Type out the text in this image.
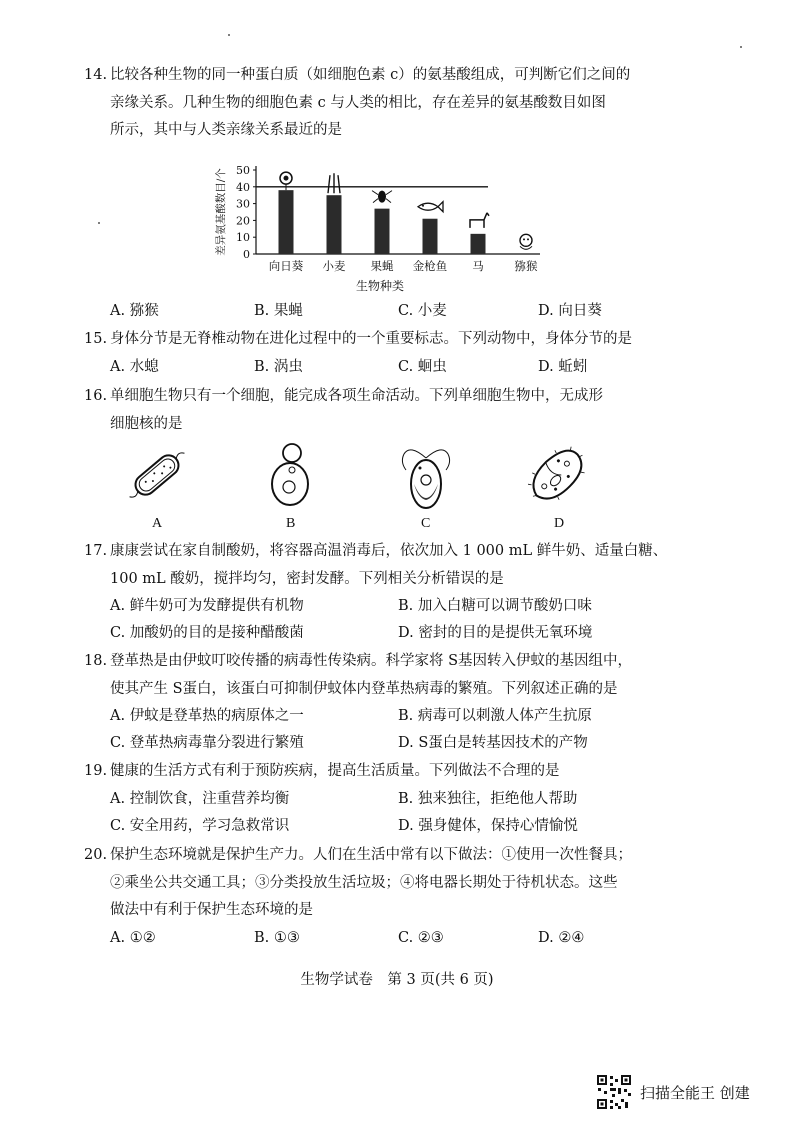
14. 比较各种生物的同一种蛋白质（如细胞色素 c）的氨基酸组成，可判断它们之间的
亲缘关系。几种生物的细胞色素 c 与人类的相比，存在差异的氨基酸数目如图
所示，其中与人类亲缘关系最近的是
0
10
20
30
40
50
差异氨基酸数目/个
向日葵 小麦 果蝇 金枪鱼 马	猕猴
生物种类
A. 猕猴	B. 果蝇	C. 小麦	D. 向日葵
15. 身体分节是无脊椎动物在进化过程中的一个重要标志。下列动物中，身体分节的是
A. 水螅	B. 涡虫	C. 蛔虫	D. 蚯蚓
16. 单细胞生物只有一个细胞，能完成各项生命活动。下列单细胞生物中，无成形
细胞核的是
A	B	C	D
17. 康康尝试在家自制酸奶，将容器高温消毒后，依次加入 1 000 mL 鲜牛奶、适量白糖、
100 mL 酸奶，搅拌均匀，密封发酵。下列相关分析错误的是
A. 鲜牛奶可为发酵提供有机物	B. 加入白糖可以调节酸奶口味
C. 加酸奶的目的是接种醋酸菌	D. 密封的目的是提供无氧环境
18. 登革热是由伊蚊叮咬传播的病毒性传染病。科学家将 S基因转入伊蚊的基因组中，
使其产生 S蛋白，该蛋白可抑制伊蚊体内登革热病毒的繁殖。下列叙述正确的是
A. 伊蚊是登革热的病原体之一	B. 病毒可以刺激人体产生抗原
C. 登革热病毒靠分裂进行繁殖	D. S蛋白是转基因技术的产物
19. 健康的生活方式有利于预防疾病，提高生活质量。下列做法不合理的是
A. 控制饮食，注重营养均衡	B. 独来独往，拒绝他人帮助
C. 安全用药，学习急救常识	D. 强身健体，保持心情愉悦
20. 保护生态环境就是保护生产力。人们在生活中常有以下做法：①使用一次性餐具；
②乘坐公共交通工具；③分类投放生活垃圾；④将电器长期处于待机状态。这些
做法中有利于保护生态环境的是
A. ①②	B. ①③	C. ②③	D. ②④
生物学试卷　第 3 页(共 6 页)
扫描全能王 创建
